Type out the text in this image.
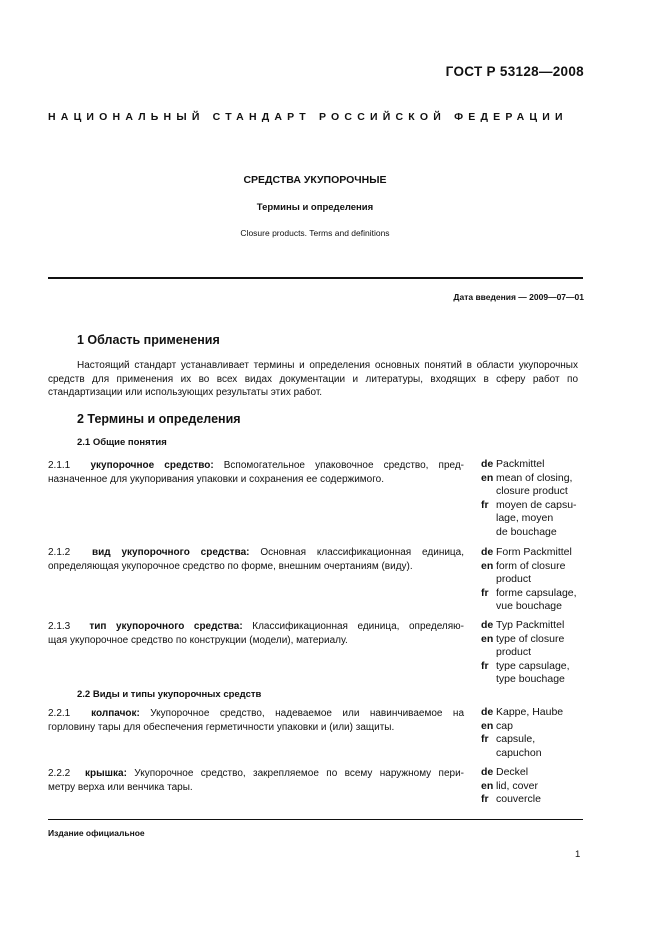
ГОСТ Р 53128—2008
НАЦИОНАЛЬНЫЙ СТАНДАРТ РОССИЙСКОЙ ФЕДЕРАЦИИ
СРЕДСТВА УКУПОРОЧНЫЕ
Термины и определения
Closure products. Terms and definitions
Дата введения — 2009—07—01
1 Область применения
Настоящий стандарт устанавливает термины и определения основных понятий в области укупорочных средств для применения их во всех видах документации и литературы, входящих в сферу работ по стандартизации или использующих результаты этих работ.
2 Термины и определения
2.1 Общие понятия
2.1.1 укупорочное средство: Вспомогательное упаковочное средство, пред-
назначенное для укупоривания упаковки и сохранения ее содержимого.
de Packmittel
en mean of closing,
closure product
fr moyen de capsu-
lage, moyen
de bouchage
2.1.2 вид укупорочного средства: Основная классификационная единица,
определяющая укупорочное средство по форме, внешним очертаниям (виду).
de Form Packmittel
en form of closure
product
fr forme capsulage,
vue bouchage
2.1.3 тип укупорочного средства: Классификационная единица, определяю-
щая укупорочное средство по конструкции (модели), материалу.
de Typ Packmittel
en type of closure
product
fr type capsulage,
type bouchage
2.2 Виды и типы укупорочных средств
2.2.1 колпачок: Укупорочное средство, надеваемое или навинчиваемое на
горловину тары для обеспечения герметичности упаковки и (или) защиты.
de Kappe, Haube
en cap
fr capsule,
capuchon
2.2.2 крышка: Укупорочное средство, закрепляемое по всему наружному пери-
метру верха или венчика тары.
de Deckel
en lid, cover
fr couvercle
Издание официальное
1
